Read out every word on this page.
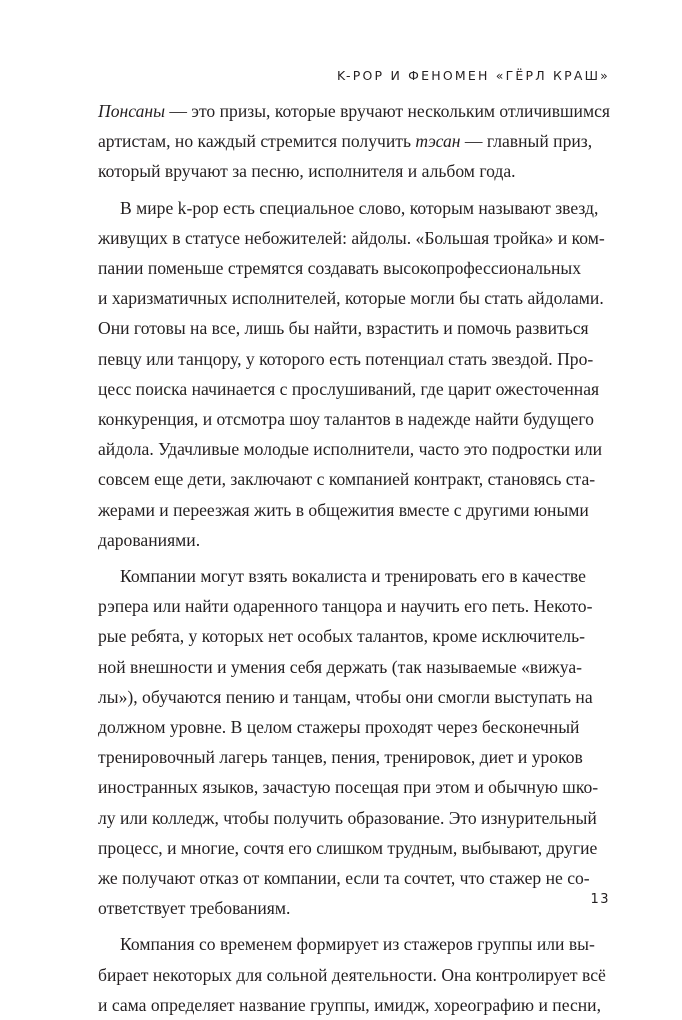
K-POP И ФЕНОМЕН «ГЁРЛ КРАШ»
Понсаны — это призы, которые вручают нескольким отличившимся
артистам, но каждый стремится получить тэсан — главный приз,
который вручают за песню, исполнителя и альбом года.
В мире k-pop есть специальное слово, которым называют звезд,
живущих в статусе небожителей: айдолы. «Большая тройка» и ком-
пании поменьше стремятся создавать высокопрофессиональных
и харизматичных исполнителей, которые могли бы стать айдолами.
Они готовы на все, лишь бы найти, взрастить и помочь развиться
певцу или танцору, у которого есть потенциал стать звездой. Про-
цесс поиска начинается с прослушиваний, где царит ожесточенная
конкуренция, и отсмотра шоу талантов в надежде найти будущего
айдола. Удачливые молодые исполнители, часто это подростки или
совсем еще дети, заключают с компанией контракт, становясь ста-
жерами и переезжая жить в общежития вместе с другими юными
дарованиями.
Компании могут взять вокалиста и тренировать его в качестве
рэпера или найти одаренного танцора и научить его петь. Некото-
рые ребята, у которых нет особых талантов, кроме исключитель-
ной внешности и умения себя держать (так называемые «вижуа-
лы»), обучаются пению и танцам, чтобы они смогли выступать на
должном уровне. В целом стажеры проходят через бесконечный
тренировочный лагерь танцев, пения, тренировок, диет и уроков
иностранных языков, зачастую посещая при этом и обычную шко-
лу или колледж, чтобы получить образование. Это изнурительный
процесс, и многие, сочтя его слишком трудным, выбывают, другие
же получают отказ от компании, если та сочтет, что стажер не со-
ответствует требованиям.
Компания со временем формирует из стажеров группы или вы-
бирает некоторых для сольной деятельности. Она контролирует всё
и сама определяет название группы, имидж, хореографию и песни,
13
